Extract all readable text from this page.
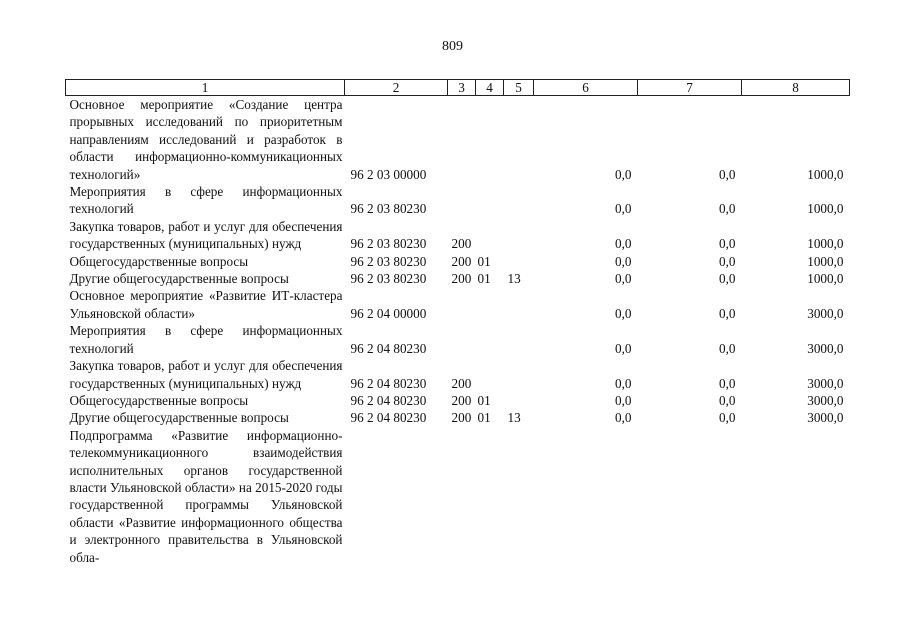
809
1	2	3	4	5	6	7	8
Основное мероприятие «Создание центра прорывных исследований по приоритетным направлениям исследований и разработок в области информационно-коммуникационных технологий»	96 2 03 00000				0,0	0,0	1000,0
Мероприятия в сфере информационных технологий	96 2 03 80230				0,0	0,0	1000,0
Закупка товаров, работ и услуг для обеспечения государственных (муниципальных) нужд	96 2 03 80230	200			0,0	0,0	1000,0
Общегосударственные вопросы	96 2 03 80230	200	01		0,0	0,0	1000,0
Другие общегосударственные вопросы	96 2 03 80230	200	01	13	0,0	0,0	1000,0
Основное мероприятие «Развитие ИТ-кластера Ульяновской области»	96 2 04 00000				0,0	0,0	3000,0
Мероприятия в сфере информационных технологий	96 2 04 80230				0,0	0,0	3000,0
Закупка товаров, работ и услуг для обеспечения государственных (муниципальных) нужд	96 2 04 80230	200			0,0	0,0	3000,0
Общегосударственные вопросы	96 2 04 80230	200	01		0,0	0,0	3000,0
Другие общегосударственные вопросы	96 2 04 80230	200	01	13	0,0	0,0	3000,0
Подпрограмма «Развитие информационно-телекоммуникационного взаимодействия исполнительных органов государственной власти Ульяновской области» на 2015-2020 годы государственной программы Ульяновской области «Развитие информационного общества и электронного правительства в Ульяновской обла-							
